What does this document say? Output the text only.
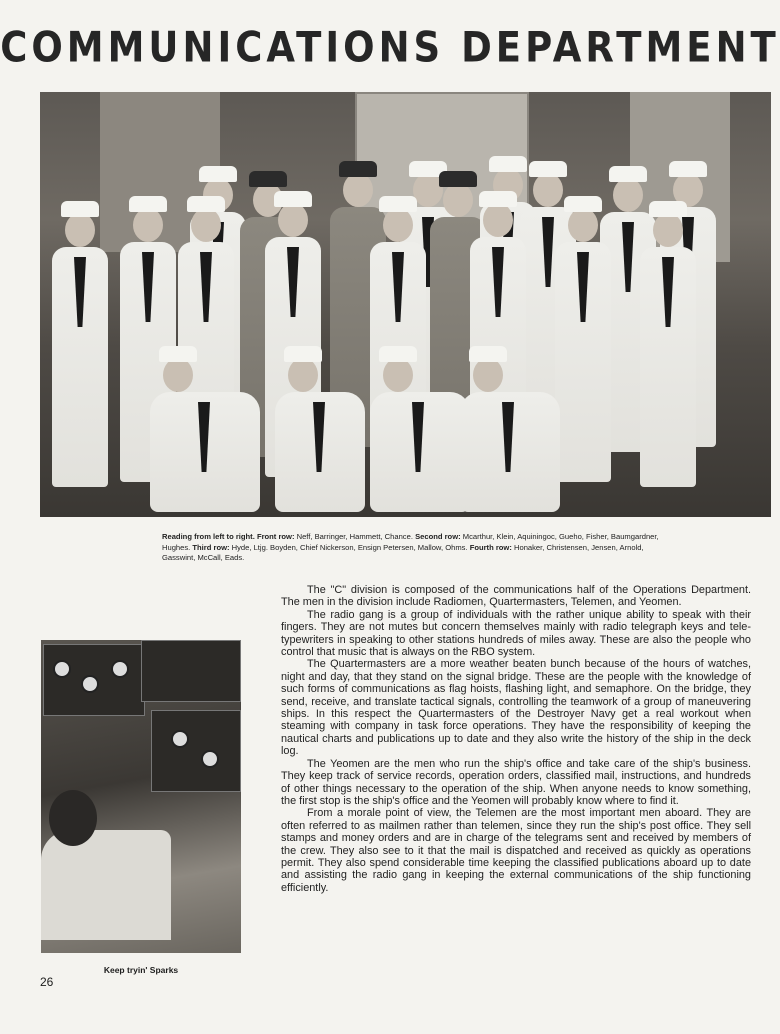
COMMUNICATIONS DEPARTMENT
Reading from left to right. Front row: Neff, Barringer, Hammett, Chance. Second row: Mcarthur, Klein, Aquiningoc, Gueho, Fisher, Baumgardner, Hughes. Third row: Hyde, Ltjg. Boyden, Chief Nickerson, Ensign Petersen, Mallow, Ohms. Fourth row: Honaker, Christensen, Jensen, Arnold, Gasswint, McCall, Eads.
Keep tryin' Sparks
26

The "C" division is composed of the communications half of the Operations Department. The men in the division include Radiomen, Quartermasters, Telemen, and Yeomen.

The radio gang is a group of individuals with the rather unique ability to speak with their fingers. They are not mutes but concern themselves mainly with radio telegraph keys and tele-typewriters in speaking to other stations hundreds of miles away. These are also the people who control that music that is always on the RBO system.

The Quartermasters are a more weather beaten bunch because of the hours of watches, night and day, that they stand on the signal bridge. These are the people with the knowledge of such forms of communications as flag hoists, flashing light, and semaphore. On the bridge, they send, receive, and translate tactical signals, controlling the teamwork of a group of maneuvering ships. In this respect the Quartermasters of the Destroyer Navy get a real workout when steaming with company in task force operations. They have the responsibility of keeping the nautical charts and publications up to date and they also write the history of the ship in the deck log.

The Yeomen are the men who run the ship's office and take care of the ship's business. They keep track of service records, operation orders, classified mail, instructions, and hundreds of other things necessary to the operation of the ship. When anyone needs to know something, the first stop is the ship's office and the Yeomen will probably know where to find it.

From a morale point of view, the Telemen are the most important men aboard. They are often referred to as mailmen rather than telemen, since they run the ship's post office. They sell stamps and money orders and are in charge of the telegrams sent and received by members of the crew. They also see to it that the mail is dispatched and received as quickly as operations permit. They also spend considerable time keeping the classified publications aboard up to date and assisting the radio gang in keeping the external communications of the ship functioning efficiently.
